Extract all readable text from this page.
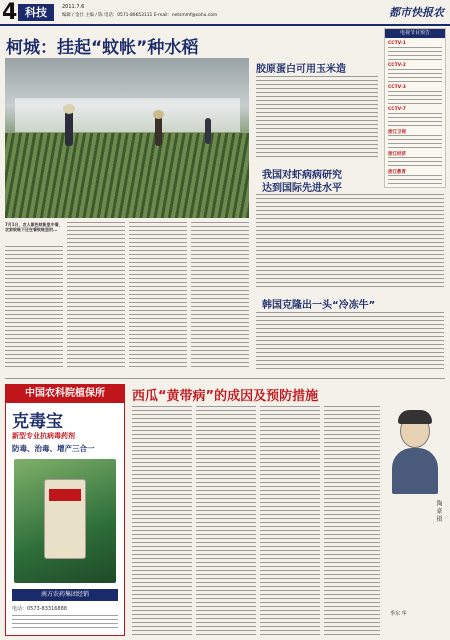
4 科技	2011.7.6
编辑 / 金仕 主编 / 陈 电话：0571-86653111 E-mail：netsmmf@sohu.com	都市快报农
柯城：挂起“蚊帐”种水稻
7月1日，农人紫色蚊帐里中看，农家蚊帐下还在看蚊帐里的...
胶原蛋白可用玉米造
我国对虾病病研究
达到国际先进水平
韩国克隆出一头“冷冻牛”
电视节目预告
CCTV-1
CCTV-2
CCTV-3
CCTV-7
浙江卫视
浙江经济
浙江教育
中国农科院植保所
克毒宝
新型专业抗病毒药剂
防毒、治毒、增产三合一
南方农药集团经销
电话：0573-83316888
西瓜“黄带病”的成因及预防措施
陶 豪 摄
季东 华
